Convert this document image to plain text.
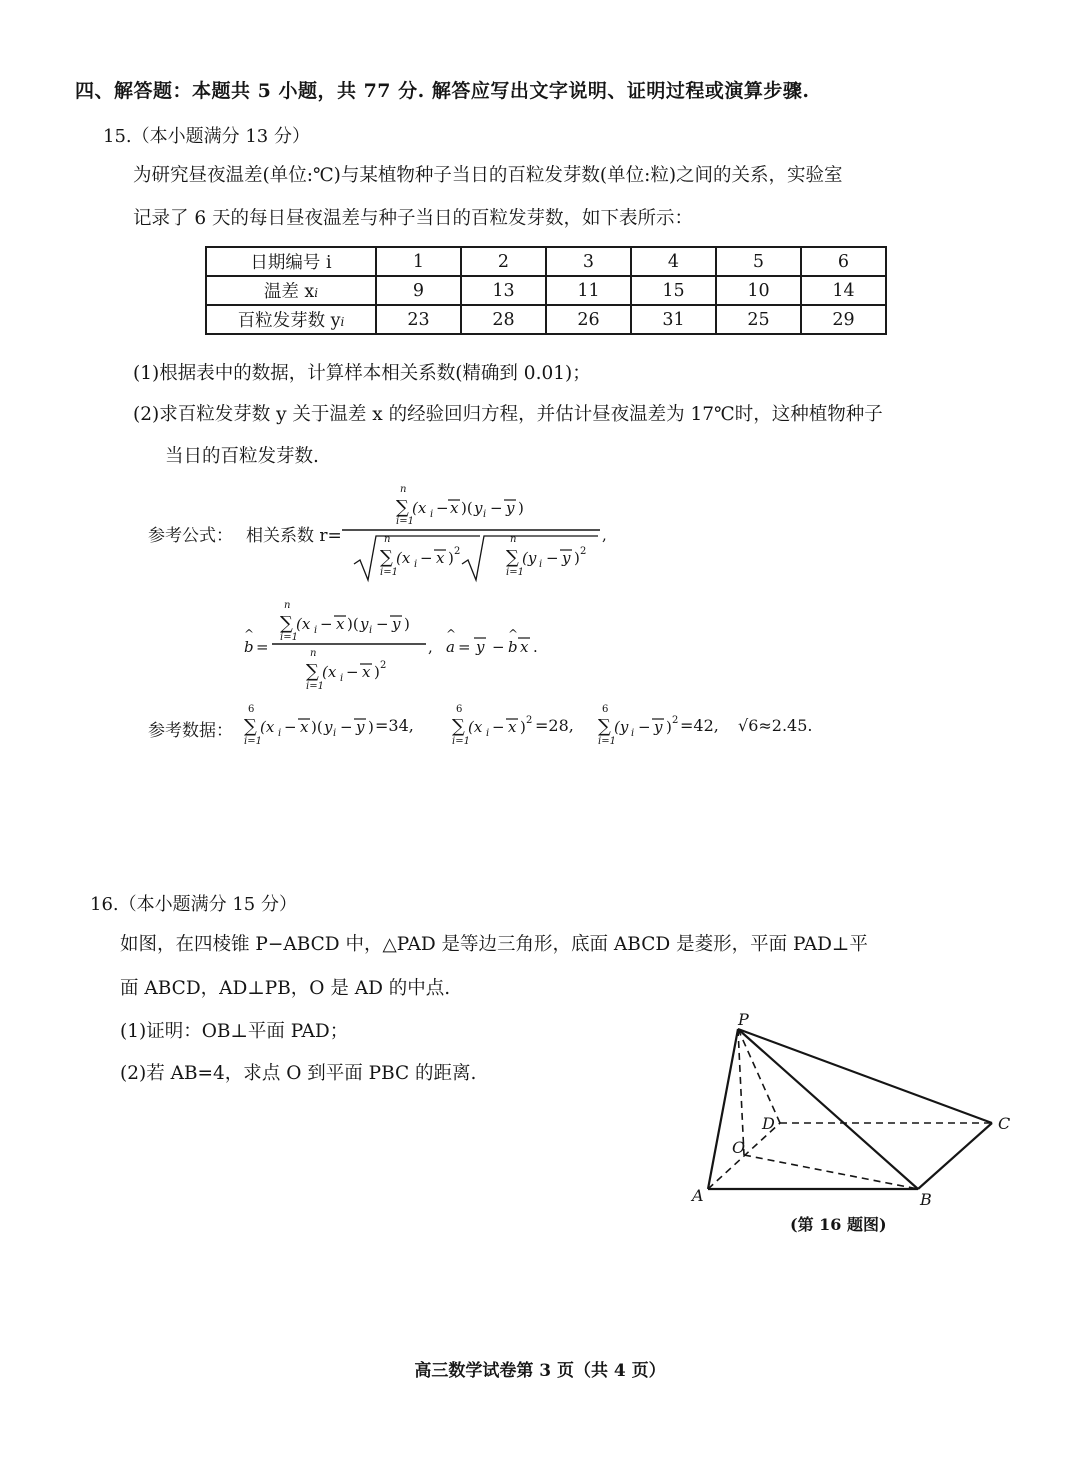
四、解答题：本题共 5 小题，共 77 分. 解答应写出文字说明、证明过程或演算步骤.
15.（本小题满分 13 分）
为研究昼夜温差(单位:℃)与某植物种子当日的百粒发芽数(单位:粒)之间的关系，实验室
记录了 6 天的每日昼夜温差与种子当日的百粒发芽数，如下表所示：
日期编号 i	1	2	3	4	5	6
温差 xi	9	13	11	15	10	14
百粒发芽数 yi	23	28	26	31	25	29
(1)根据表中的数据，计算样本相关系数(精确到 0.01)；
(2)求百粒发芽数 y 关于温差 x 的经验回归方程，并估计昼夜温差为 17℃时，这种植物种子
当日的百粒发芽数.
参考公式： 相关系数 r=
n
∑
i=1
(x i − x )( y i − y )
,
n
∑
i=1
(x i − x ) 2
n
∑
i=1
(y i − y ) 2
b
^
=
n
∑
i=1
(x i − x )( y i − y )
n
∑
i=1
(x i − x ) 2
, a
^
= y − b
^
x .
参考数据：
6
∑
i=1
(x i − x )( y i − y )
6
∑
i=1
(x i − x ) 2
6
∑
i=1
(y i − y ) 2
=34,	=28,	=42, √6≈2.45.
16.（本小题满分 15 分）
如图，在四棱锥 P−ABCD 中，△PAD 是等边三角形，底面 ABCD 是菱形，平面 PAD⊥平
面 ABCD，AD⊥PB，O 是 AD 的中点.
(1)证明：OB⊥平面 PAD；
(2)若 AB=4，求点 O 到平面 PBC 的距离.
P
A	B
C
D
O
(第 16 题图)
高三数学试卷第 3 页（共 4 页）
